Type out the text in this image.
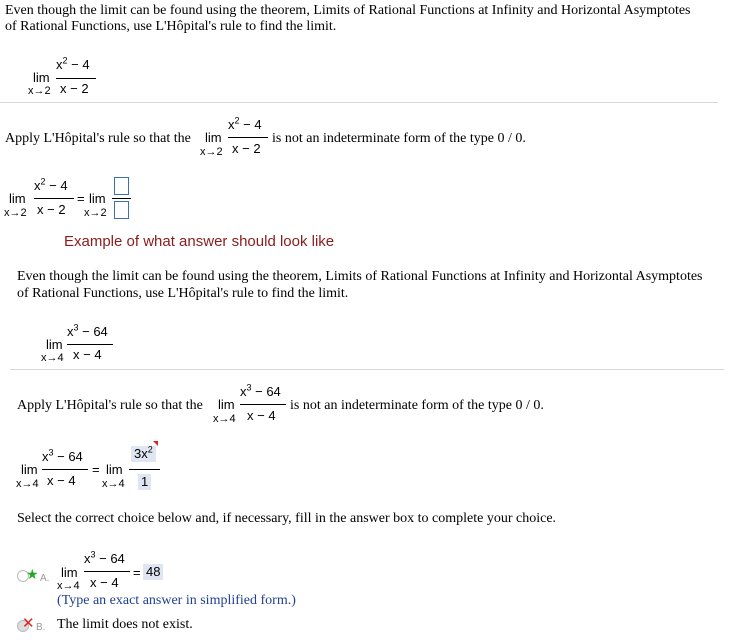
Even though the limit can be found using the theorem, Limits of Rational Functions at Infinity and Horizontal Asymptotes
of Rational Functions, use L'Hôpital's rule to find the limit.
$x^2 - 4$
lim
x − 2
x→2
Apply L'Hôpital's rule so that the
$x^2 - 4$
lim
x − 2
x→2
is not an indeterminate form of the type 0 / 0.
$x^2 - 4$
lim
x − 2
x→2
= lim
x→2
Example of what answer should look like
Even though the limit can be found using the theorem, Limits of Rational Functions at Infinity and Horizontal Asymptotes
of Rational Functions, use L'Hôpital's rule to find the limit.
$x^3 - 64$
lim
x − 4
x→4
Apply L'Hôpital's rule so that the
$x^3 - 64$
lim
x − 4
x→4
is not an indeterminate form of the type 0 / 0.
$x^3 - 64$
lim
x − 4
x→4
= lim
x→4
$3x^2$
1
Select the correct choice below and, if necessary, fill in the answer box to complete your choice.
★ A.
$x^3 - 64$
lim
x − 4
x→4
= 48
(Type an exact answer in simplified form.)
✕ B. The limit does not exist.
